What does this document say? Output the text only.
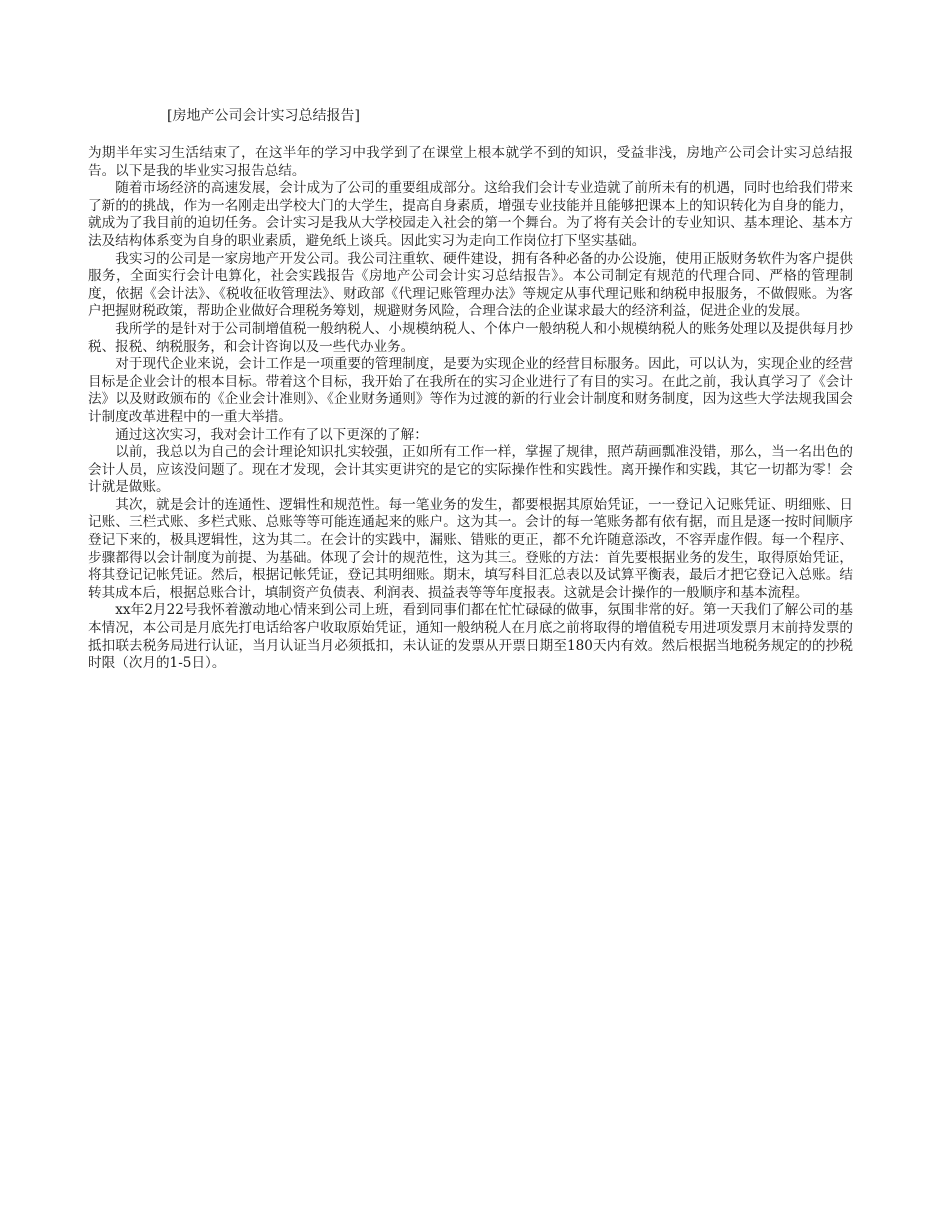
[房地产公司会计实习总结报告]

为期半年实习生活结束了，在这半年的学习中我学到了在课堂上根本就学不到的知识，受益非浅，房地产公司会计实习总结报告。以下是我的毕业实习报告总结。

随着市场经济的高速发展，会计成为了公司的重要组成部分。这给我们会计专业造就了前所未有的机遇，同时也给我们带来了新的的挑战，作为一名刚走出学校大门的大学生，提高自身素质，增强专业技能并且能够把课本上的知识转化为自身的能力，就成为了我目前的迫切任务。会计实习是我从大学校园走入社会的第一个舞台。为了将有关会计的专业知识、基本理论、基本方法及结构体系变为自身的职业素质，避免纸上谈兵。因此实习为走向工作岗位打下坚实基础。

我实习的公司是一家房地产开发公司。我公司注重软、硬件建设，拥有各种必备的办公设施，使用正版财务软件为客户提供服务，全面实行会计电算化，社会实践报告《房地产公司会计实习总结报告》。本公司制定有规范的代理合同、严格的管理制度，依据《会计法》、《税收征收管理法》、财政部《代理记账管理办法》等规定从事代理记账和纳税申报服务，不做假账。为客户把握财税政策，帮助企业做好合理税务筹划，规避财务风险，合理合法的企业谋求最大的经济利益，促进企业的发展。

我所学的是针对于公司制增值税一般纳税人、小规模纳税人、个体户一般纳税人和小规模纳税人的账务处理以及提供每月抄税、报税、纳税服务，和会计咨询以及一些代办业务。

对于现代企业来说，会计工作是一项重要的管理制度，是要为实现企业的经营目标服务。因此，可以认为，实现企业的经营目标是企业会计的根本目标。带着这个目标，我开始了在我所在的实习企业进行了有目的实习。在此之前，我认真学习了《会计法》以及财政颁布的《企业会计准则》、《企业财务通则》等作为过渡的新的行业会计制度和财务制度，因为这些大学法规我国会计制度改革进程中的一重大举措。

通过这次实习，我对会计工作有了以下更深的了解：

以前，我总以为自己的会计理论知识扎实较强，正如所有工作一样，掌握了规律，照芦葫画瓢准没错，那么，当一名出色的会计人员，应该没问题了。现在才发现，会计其实更讲究的是它的实际操作性和实践性。离开操作和实践，其它一切都为零！会计就是做账。

其次，就是会计的连通性、逻辑性和规范性。每一笔业务的发生，都要根据其原始凭证，一一登记入记账凭证、明细账、日记账、三栏式账、多栏式账、总账等等可能连通起来的账户。这为其一。会计的每一笔账务都有依有据，而且是逐一按时间顺序登记下来的，极具逻辑性，这为其二。在会计的实践中，漏账、错账的更正，都不允许随意添改，不容弄虚作假。每一个程序、步骤都得以会计制度为前提、为基础。体现了会计的规范性，这为其三。登账的方法：首先要根据业务的发生，取得原始凭证，将其登记记帐凭证。然后，根据记帐凭证，登记其明细账。期末，填写科目汇总表以及试算平衡表，最后才把它登记入总账。结转其成本后，根据总账合计，填制资产负债表、利润表、损益表等等年度报表。这就是会计操作的一般顺序和基本流程。

xx年2月22号我怀着激动地心情来到公司上班，看到同事们都在忙忙碌碌的做事，氛围非常的好。第一天我们了解公司的基本情况，本公司是月底先打电话给客户收取原始凭证，通知一般纳税人在月底之前将取得的增值税专用进项发票月末前持发票的抵扣联去税务局进行认证，当月认证当月必须抵扣，未认证的发票从开票日期至180天内有效。然后根据当地税务规定的的抄税时限（次月的1-5日）。
